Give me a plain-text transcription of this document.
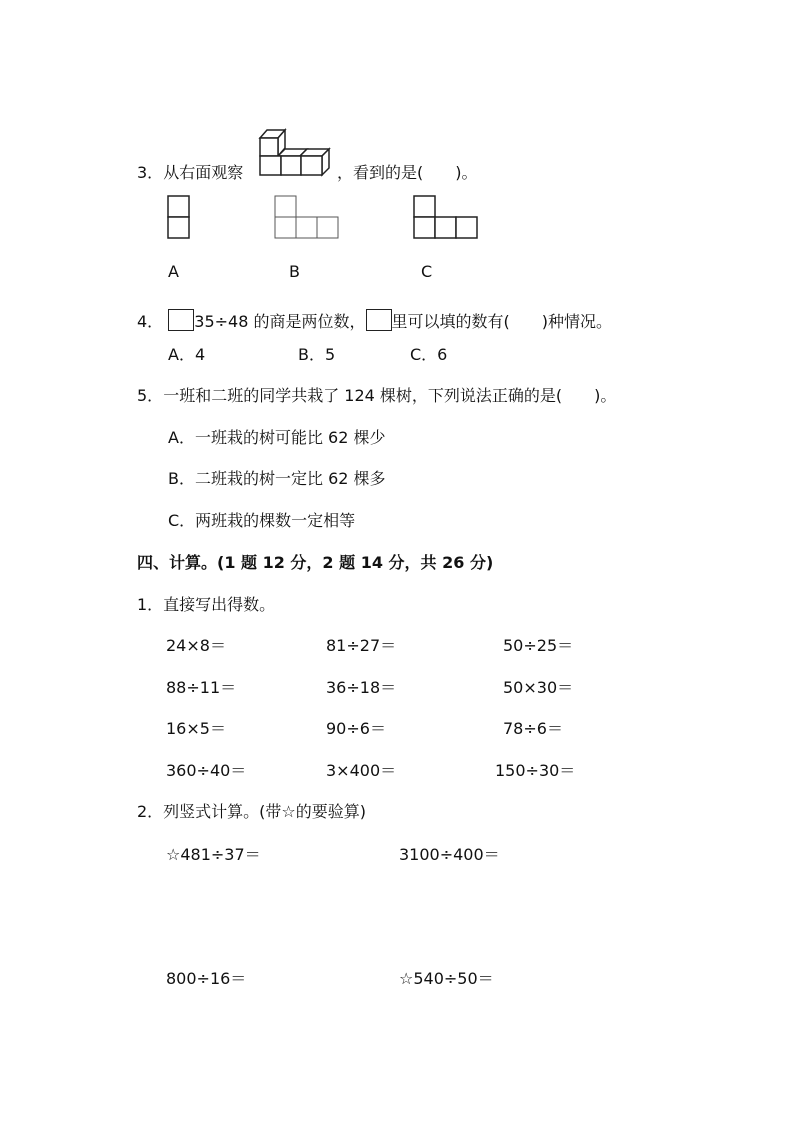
3．从右面观察	，看到的是(　　)。
A	B	C
4． 35÷48 的商是两位数， 里可以填的数有(　　)种情况。
A．4	B．5	C．6
5．一班和二班的同学共栽了 124 棵树，下列说法正确的是(　　)。
A．一班栽的树可能比 62 棵少
B．二班栽的树一定比 62 棵多
C．两班栽的棵数一定相等
四、计算。(1 题 12 分，2 题 14 分，共 26 分)
1．直接写出得数。
24×8＝	81÷27＝	50÷25＝
88÷11＝	36÷18＝	50×30＝
16×5＝	90÷6＝	78÷6＝
360÷40＝	3×400＝	150÷30＝
2．列竖式计算。(带☆的要验算)
☆481÷37＝	3100÷400＝
800÷16＝	☆540÷50＝
